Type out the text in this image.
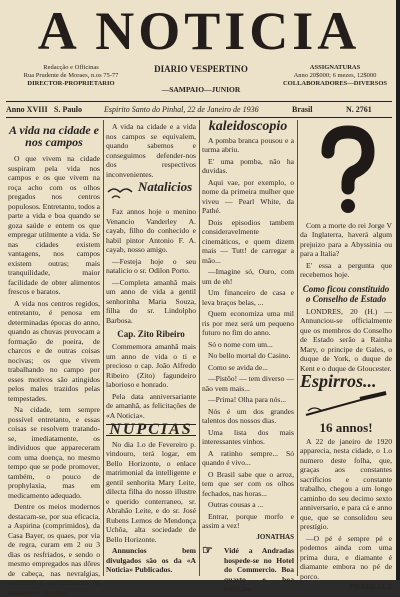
A NOTICIA
Redacção e Officinas
Rua Prudente de Moraes, n.os 75-77
DIRECTOR-PROPRIETARIO
DIARIO VESPERTINO
—SAMPAIO—JUNIOR
ASSIGNATURAS
Anno 20$000; 6 mezes, 12$000
COLLABORADORES—DIVERSOS
Anno XVIII S. Paulo	Espirito Santo do Pinhal, 22 de Janeiro de 1936	Brasil	N. 2761
A vida na cidade e nos campos

O que vivem na cidade suspiram pela vida nos campos e os que vivem na roça acho com os olhos pregados nos centros populosos. Entretanto, todos a parte a vida e boa quando se goza saúde e entem os que empregar utilmente a vida. Se nas cidades existem vantagens, nos campos existem outras; mais tranquilidade, maior facilidade de obter alimentos frescos e baratos.

A vida nos centros regidos, entretanto, é penosa em determinadas épocas do anno, quando as chuvas provocam a formação de poeira, de charcos e de outras coisas nocivas; os que vivem trabalhando no campo por esses motivos são atingidos pelos males trazidos pelas tempestades.

Na cidade, tem sempre possível entretanto, e essas coisas se resolvem tratando-se, imediatamente, os individuos que appareceram com uma doença, no mesmo tempo que se pode promover, também, o pouco de prophylaxia, mas em medicamento adequado.

Dentre os meios modernos destacam-se, por sua eficacia, a Aspirina (comprimidos), da Casa Bayer, os quaes, por via de regra, curam em 2 ou 3 dias os resfriados, e sendo o mesmo empregados nas dôres de cabeça, nas nevralgias, sementes e complemento de tratamento na gripe.

A vida na cidade e a vida nos campos se equivalem, quando sabemos e conseguimos defender-nos dos respectivos inconvenientes.

Natalicios

Faz annos hoje o menino Venancio Vanderley A. cayab, filho do conhecido e habil pintor Antonio F. A. cayab, nosso amigo.

—Festeja hoje o seu natalicio o sr. Odilon Porto.

—Completa amanhã mais um anno de vida a gentil senhorinha Maria Souza, filha do sr. Lindolpho Barbosa.

Cap. Zito Ribeiro

Commemora amanhã mais um anno de vida o ti e precioso o cap. João Alfredo Ribeiro (Zito) fagundeiro laborioso e honrado.

Pela data anniversariante de amanhã, as felicitações de «A Noticia».

NUPCIAS

No dia 1.o de Fevereiro p. vindouro, terá logar, em Bello Horizonte, o enlace matrimonial da intelligente e gentil senhorita Mary Leite, dilecta filha do nosso illustre e querido conterraneo, sr. Abrahão Leite, e do sr. José Rubens Lemos de Mendonça Uchôa, alta sociedade de Bello Horizonte.

Annuncios bem divulgados são os da «A Noticia» Publicados.

kaleidoscopio

A pomba branca pousou e a turma abriu.

E' uma pomba, não ha duvidas.

Aqui vae, por exemplo, o nome da primeira mulher que viveu — Pearl White, da Pathé.

Dois episodios tambem consideravelmente cinemáticos, e quem dizem mais — Tutt! de carregar a mão...

—Imagine só, Ouro, com um de eh!

Um financeiro de casa e leva braços belas, ...

Quem economiza uma mil ris por mez será um pequeno futuro no fim do anno.

Só o nome com um...

No bello mortal do Casino.

Como se avida de...

—Pistôo! — tem diverso — não vem mais...

—Prima! Olha para nós...

Nós é um dos grandes talentos dos nossos dias.

Uma lista dos mais interessantes vinhos.

A ratinho sempre... Só quando é vivo...

O Brasil sabe que o arroz, tem que ser com os olhos fechados, nas horas...

Outras cousas a ...

Entrar, porque morfo e assim a vez!

JONATHAS
☞ Vidé a Andradas hospede-se no Hotel do Commercio. Boa quarto e boa refeição.

Com a morte do rei Jorge V da Inglaterra, haverá algum prejuizo para a Abyssinia ou para a Italia?

E' essa a pergunta que recebemos hoje.

Como ficou constituido o Conselho de Estado

LONDRES, 20 (H.) — Annunciou-se officialmente que os membros do Conselho de Estado serão a Rainha Mary, o principe de Gales, o duque de York, o duque de Kent e o duque de Gloucester.

Espirros...
16 annos!

A 22 de janeiro de 1920 apparecia, nesta cidade, o 1.o numero deste folha, que, graças aos constantes sacrificios e constante trabalho, chegou a um longo caminho do seu decimo sexto anniversario, e para cá e anno que, que se consolidou seu prestígio.

—O pé é sempre pé e podemos ainda com uma prima dura, e diamante é diamante embora no pé de porco.

PIERRE LUZ
